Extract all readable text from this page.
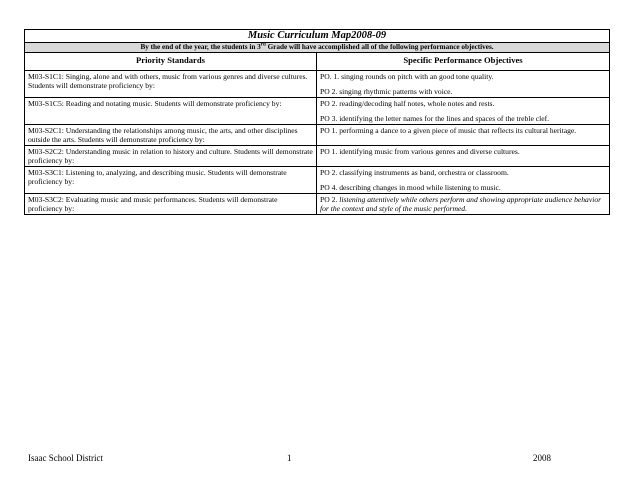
Music Curriculum Map2008-09	
By the end of the year, the students in 3rd Grade will have accomplished all of the following performance objectives.	
Priority Standards	Specific Performance Objectives
M03-S1C1: Singing, alone and with others, music from various genres and diverse cultures. Students will demonstrate proficiency by:	PO. 1. singing rounds on pitch with an good tone quality.

PO 2. singing rhythmic patterns with voice.

M03-S1C5: Reading and notating music. Students will demonstrate proficiency by:	PO 2. reading/decoding half notes, whole notes and rests.

PO 3. identifying the letter names for the lines and spaces of the treble clef.

M03-S2C1: Understanding the relationships among music, the arts, and other disciplines outside the arts. Students will demonstrate proficiency by:	PO 1. performing a dance to a given piece of music that reflects its cultural heritage.

M03-S2C2: Understanding music in relation to history and culture. Students will demonstrate proficiency by:	PO 1. identifying music from various genres and diverse cultures.

M03-S3C1: Listening to, analyzing, and describing music. Students will demonstrate proficiency by:	PO 2. classifying instruments as band, orchestra or classroom.

PO 4. describing changes in mood while listening to music.

M03-S3C2: Evaluating music and music performances. Students will demonstrate proficiency by:	PO 2. listening attentively while others perform and showing appropriate audience behavior for the context and style of the music performed.

Isaac School District	1	2008
